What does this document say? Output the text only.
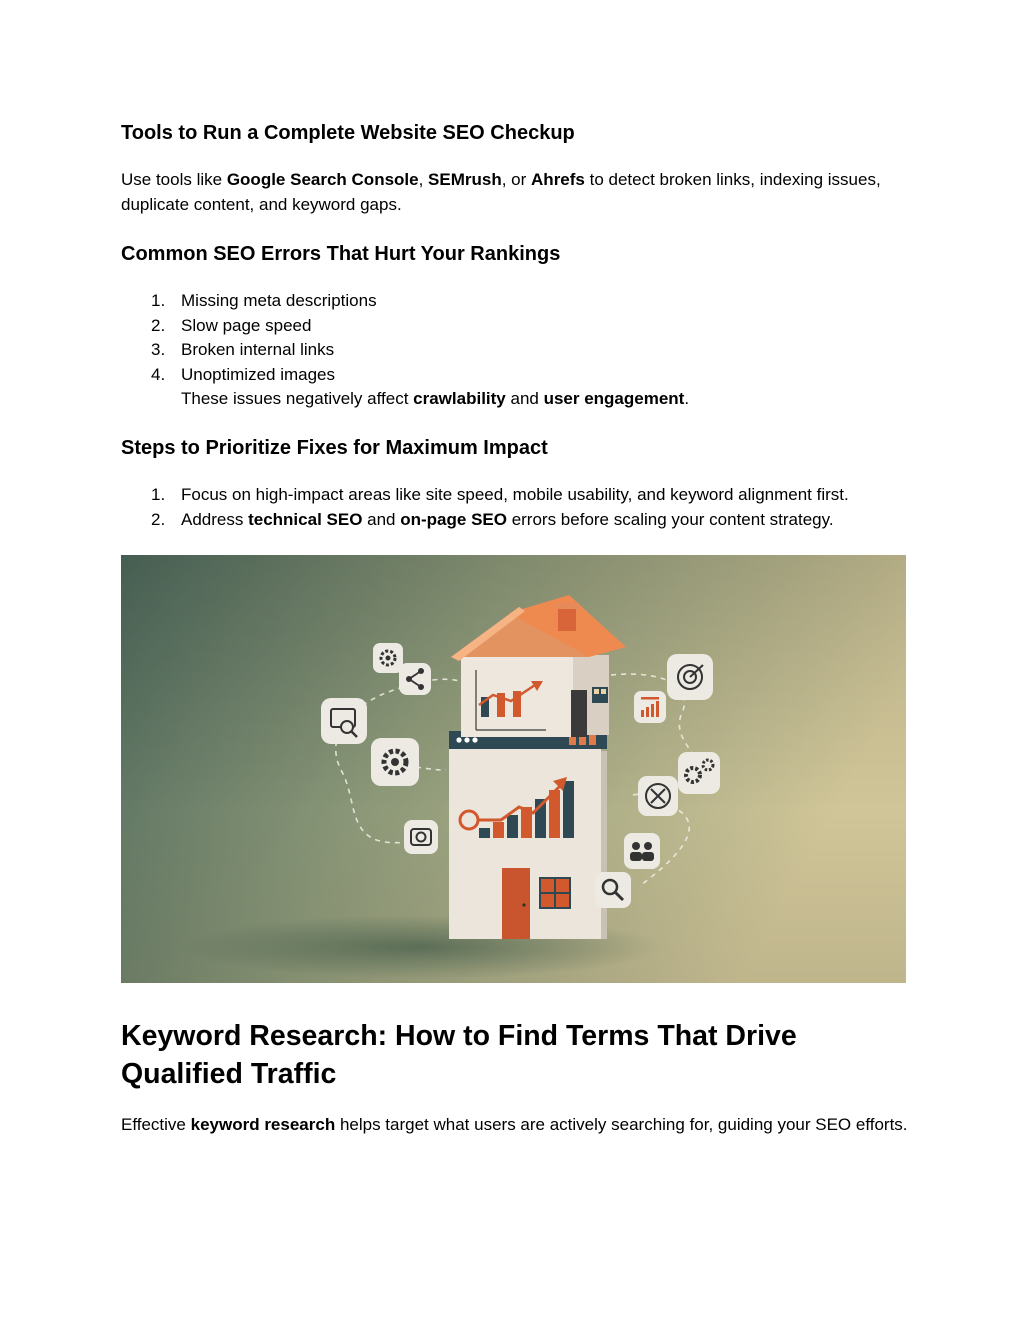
Tools to Run a Complete Website SEO Checkup

Use tools like Google Search Console, SEMrush, or Ahrefs to detect broken links, indexing issues, duplicate content, and keyword gaps.

Common SEO Errors That Hurt Your Rankings
1. Missing meta descriptions
2. Slow page speed
3. Broken internal links
4. Unoptimized images
These issues negatively affect crawlability and user engagement.
Steps to Prioritize Fixes for Maximum Impact
1. Focus on high-impact areas like site speed, mobile usability, and keyword alignment first.
2. Address technical SEO and on-page SEO errors before scaling your content strategy.
Keyword Research: How to Find Terms That Drive Qualified Traffic

Effective keyword research helps target what users are actively searching for, guiding your SEO efforts.
